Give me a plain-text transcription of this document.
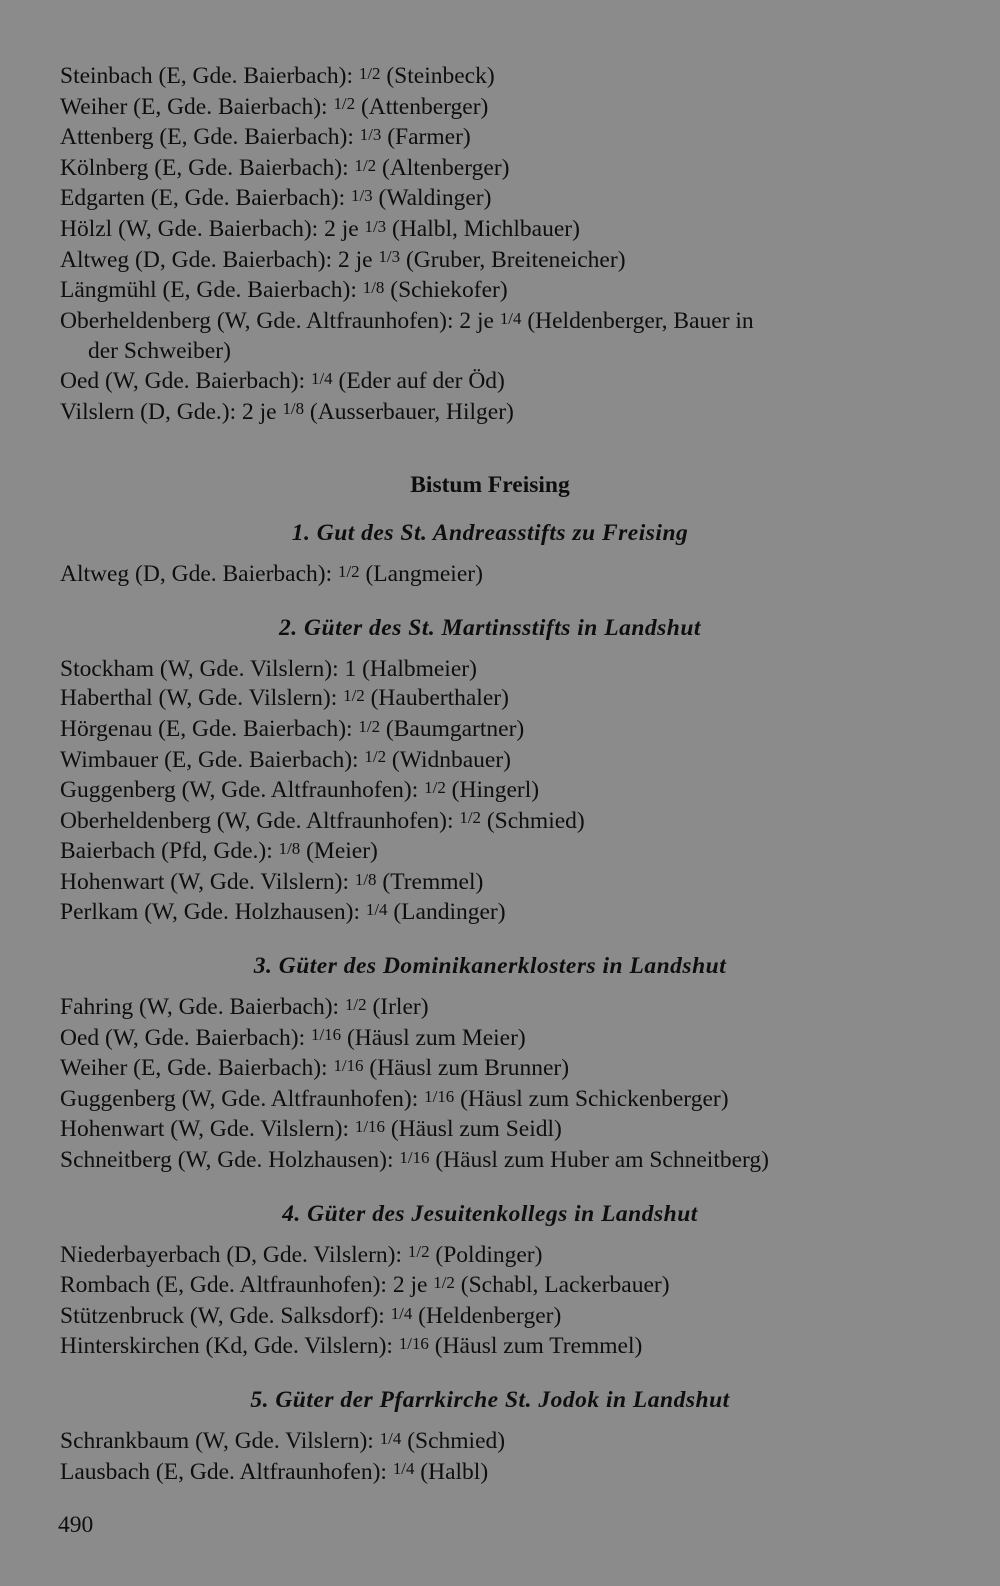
Steinbach (E, Gde. Baierbach): 1/2 (Steinbeck)

Weiher (E, Gde. Baierbach): 1/2 (Attenberger)

Attenberg (E, Gde. Baierbach): 1/3 (Farmer)

Kölnberg (E, Gde. Baierbach): 1/2 (Altenberger)

Edgarten (E, Gde. Baierbach): 1/3 (Waldinger)

Hölzl (W, Gde. Baierbach): 2 je 1/3 (Halbl, Michlbauer)

Altweg (D, Gde. Baierbach): 2 je 1/3 (Gruber, Breiteneicher)

Längmühl (E, Gde. Baierbach): 1/8 (Schiekofer)

Oberheldenberg (W, Gde. Altfraunhofen): 2 je 1/4 (Heldenberger, Bauer in

der Schweiber)

Oed (W, Gde. Baierbach): 1/4 (Eder auf der Öd)

Vilslern (D, Gde.): 2 je 1/8 (Ausserbauer, Hilger)

Bistum Freising
1. Gut des St. Andreasstifts zu Freising

Altweg (D, Gde. Baierbach): 1/2 (Langmeier)

2. Güter des St. Martinsstifts in Landshut

Stockham (W, Gde. Vilslern): 1 (Halbmeier)

Haberthal (W, Gde. Vilslern): 1/2 (Hauberthaler)

Hörgenau (E, Gde. Baierbach): 1/2 (Baumgartner)

Wimbauer (E, Gde. Baierbach): 1/2 (Widnbauer)

Guggenberg (W, Gde. Altfraunhofen): 1/2 (Hingerl)

Oberheldenberg (W, Gde. Altfraunhofen): 1/2 (Schmied)

Baierbach (Pfd, Gde.): 1/8 (Meier)

Hohenwart (W, Gde. Vilslern): 1/8 (Tremmel)

Perlkam (W, Gde. Holzhausen): 1/4 (Landinger)

3. Güter des Dominikanerklosters in Landshut

Fahring (W, Gde. Baierbach): 1/2 (Irler)

Oed (W, Gde. Baierbach): 1/16 (Häusl zum Meier)

Weiher (E, Gde. Baierbach): 1/16 (Häusl zum Brunner)

Guggenberg (W, Gde. Altfraunhofen): 1/16 (Häusl zum Schickenberger)

Hohenwart (W, Gde. Vilslern): 1/16 (Häusl zum Seidl)

Schneitberg (W, Gde. Holzhausen): 1/16 (Häusl zum Huber am Schneitberg)

4. Güter des Jesuitenkollegs in Landshut

Niederbayerbach (D, Gde. Vilslern): 1/2 (Poldinger)

Rombach (E, Gde. Altfraunhofen): 2 je 1/2 (Schabl, Lackerbauer)

Stützenbruck (W, Gde. Salksdorf): 1/4 (Heldenberger)

Hinterskirchen (Kd, Gde. Vilslern): 1/16 (Häusl zum Tremmel)

5. Güter der Pfarrkirche St. Jodok in Landshut

Schrankbaum (W, Gde. Vilslern): 1/4 (Schmied)

Lausbach (E, Gde. Altfraunhofen): 1/4 (Halbl)

490
